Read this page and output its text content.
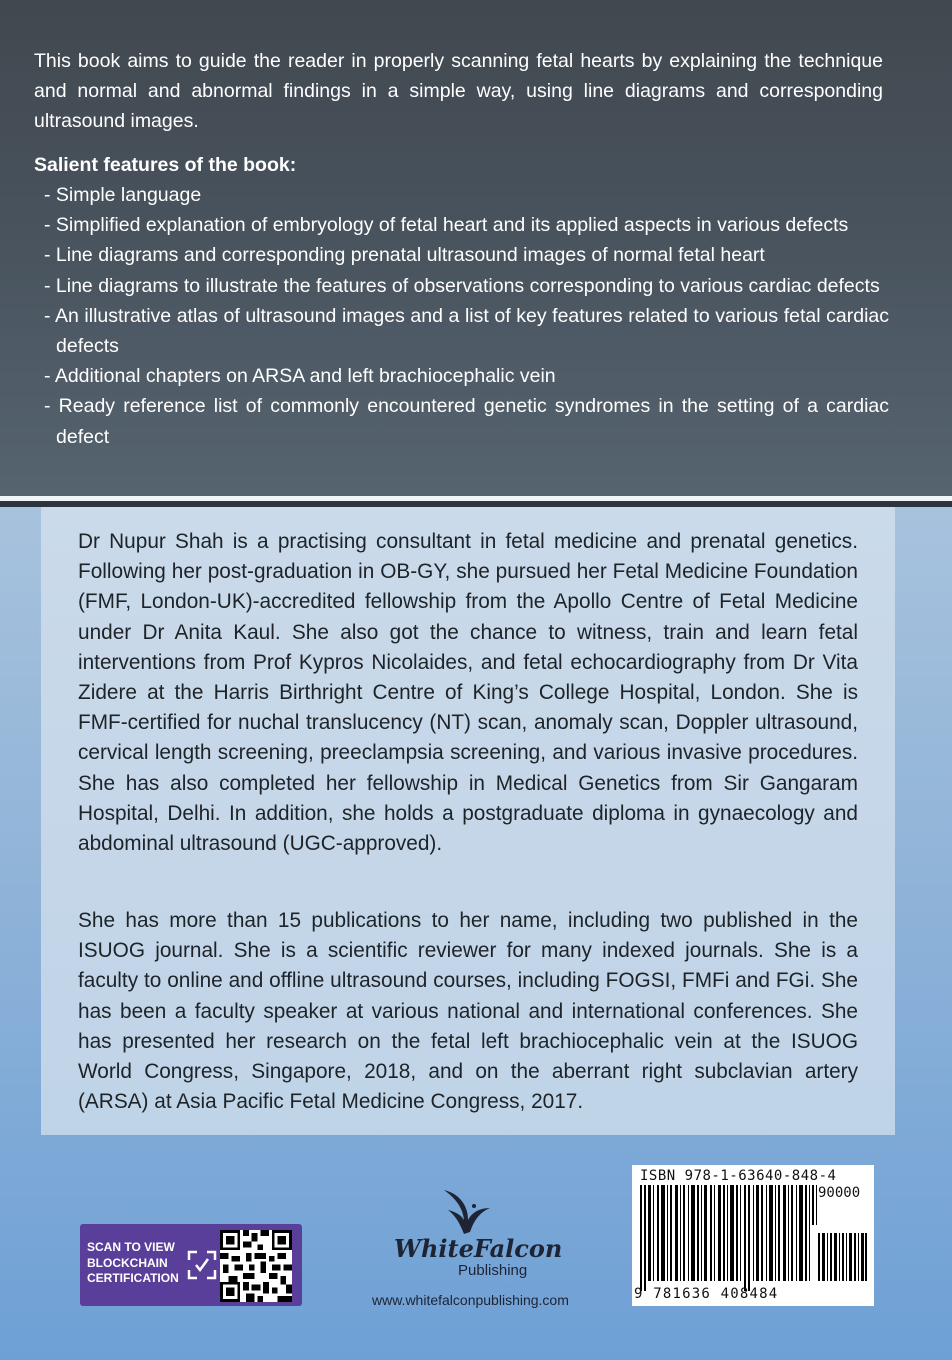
This book aims to guide the reader in properly scanning fetal hearts by explaining the technique and normal and abnormal findings in a simple way, using line diagrams and corresponding ultrasound images.

Salient features of the book:

- Simple language
- Simplified explanation of embryology of fetal heart and its applied aspects in various defects
- Line diagrams and corresponding prenatal ultrasound images of normal fetal heart
- Line diagrams to illustrate the features of observations corresponding to various cardiac defects
- An illustrative atlas of ultrasound images and a list of key features related to various fetal cardiac defects
- Additional chapters on ARSA and left brachiocephalic vein
- Ready reference list of commonly encountered genetic syndromes in the setting of a cardiac defect

Dr Nupur Shah is a practising consultant in fetal medicine and prenatal genetics. Following her post-graduation in OB-GY, she pursued her Fetal Medicine Foundation (FMF, London-UK)-accredited fellowship from the Apollo Centre of Fetal Medicine under Dr Anita Kaul. She also got the chance to witness, train and learn fetal interventions from Prof Kypros Nicolaides, and fetal echocardiography from Dr Vita Zidere at the Harris Birthright Centre of King’s College Hospital, London. She is FMF-certified for nuchal translucency (NT) scan, anomaly scan, Doppler ultrasound, cervical length screening, preeclampsia screening, and various invasive procedures. She has also completed her fellowship in Medical Genetics from Sir Gangaram Hospital, Delhi. In addition, she holds a postgraduate diploma in gynaecology and abdominal ultrasound (UGC-approved).

She has more than 15 publications to her name, including two published in the ISUOG journal. She is a scientific reviewer for many indexed journals. She is a faculty to online and offline ultrasound courses, including FOGSI, FMFi and FGi. She has been a faculty speaker at various national and international conferences. She has presented her research on the fetal left brachiocephalic vein at the ISUOG World Congress, Singapore, 2018, and on the aberrant right subclavian artery (ARSA) at Asia Pacific Fetal Medicine Congress, 2017.

SCAN TO VIEW
BLOCKCHAIN
CERTIFICATION
WhiteFalcon
Publishing
www.whitefalconpublishing.com
ISBN 978-1-63640-848-4
90000
9 781636 408484
